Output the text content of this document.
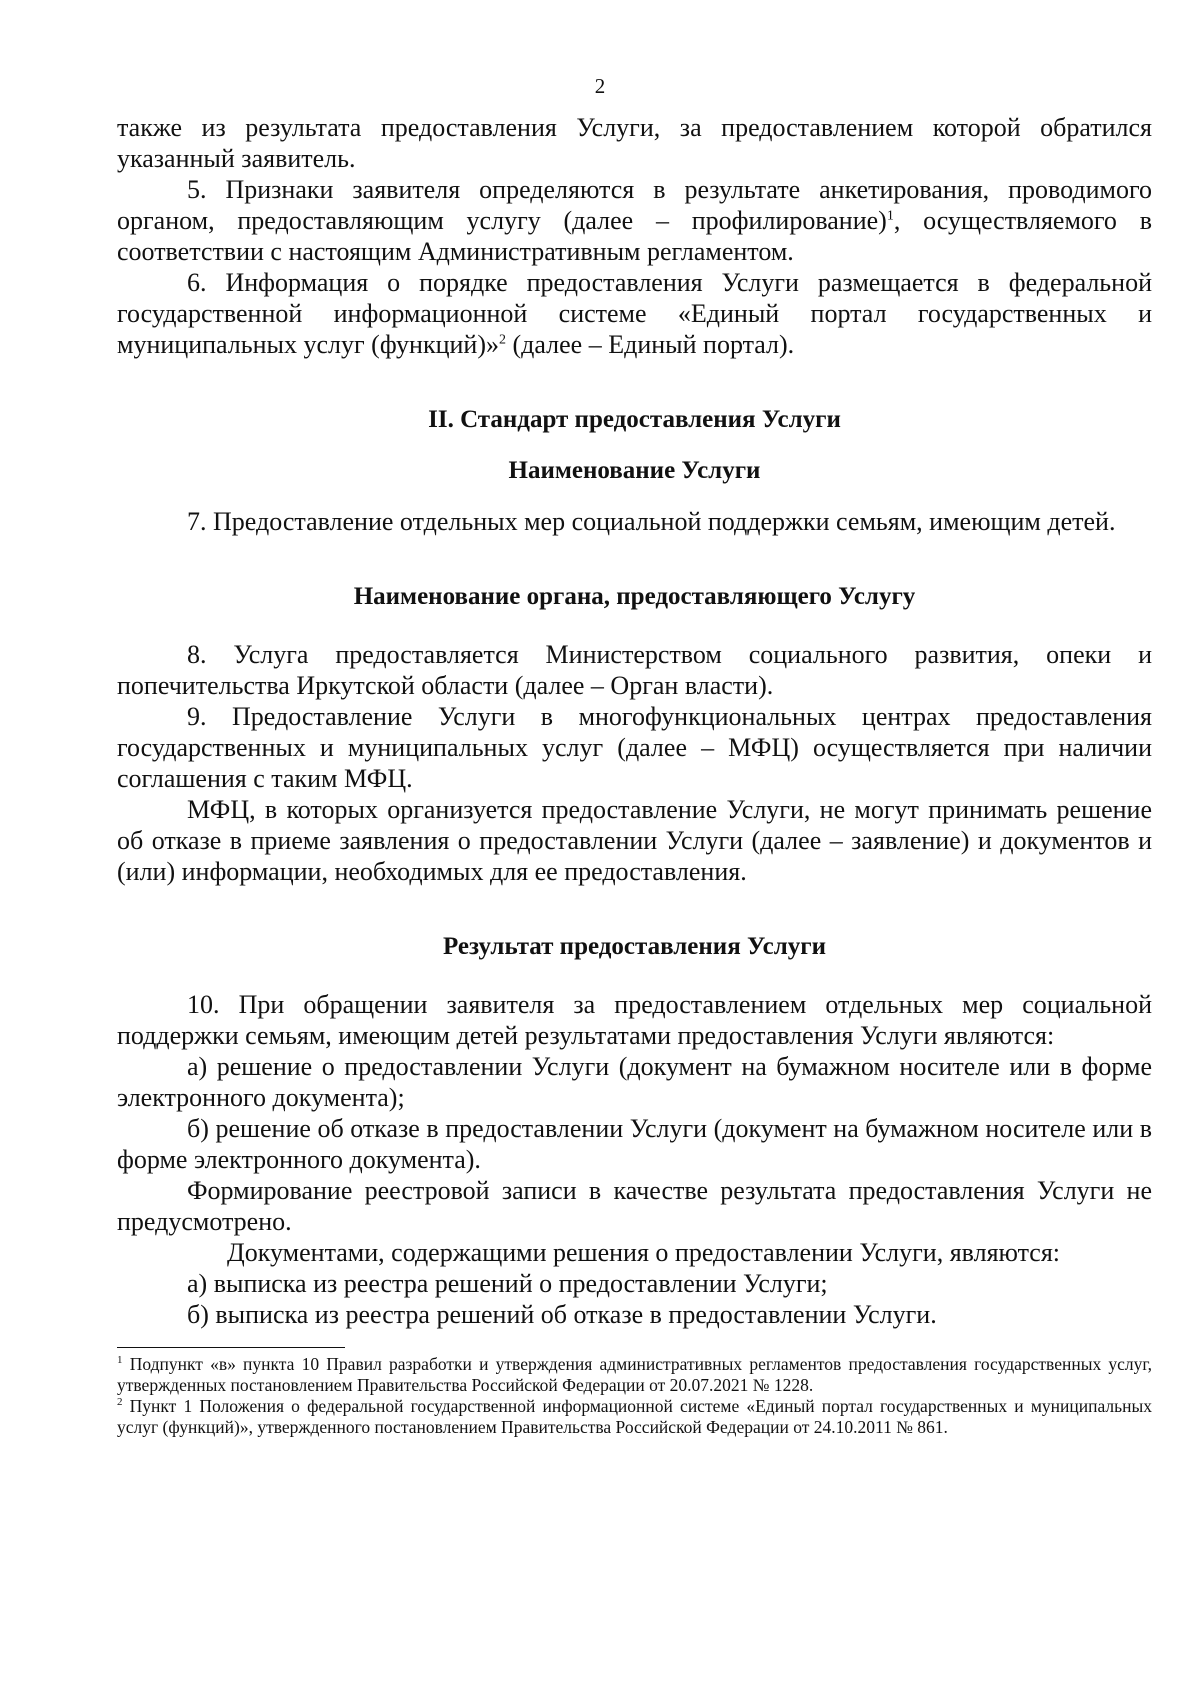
2

также из результата предоставления Услуги, за предоставлением которой обратился указанный заявитель.

5. Признаки заявителя определяются в результате анкетирования, проводимого органом, предоставляющим услугу (далее – профилирование)$^1$, осуществляемого в соответствии с настоящим Административным регламентом.

6. Информация о порядке предоставления Услуги размещается в федеральной государственной информационной системе «Единый портал государственных и муниципальных услуг (функций)»$^2$ (далее – Единый портал).

II. Стандарт предоставления Услуги
Наименование Услуги

7. Предоставление отдельных мер социальной поддержки семьям, имеющим детей.

Наименование органа, предоставляющего Услугу

8. Услуга предоставляется Министерством социального развития, опеки и попечительства Иркутской области (далее – Орган власти).

9. Предоставление Услуги в многофункциональных центрах предоставления государственных и муниципальных услуг (далее – МФЦ) осуществляется при наличии соглашения с таким МФЦ.

МФЦ, в которых организуется предоставление Услуги, не могут принимать решение об отказе в приеме заявления о предоставлении Услуги (далее – заявление) и документов и (или) информации, необходимых для ее предоставления.

Результат предоставления Услуги

10. При обращении заявителя за предоставлением отдельных мер социальной поддержки семьям, имеющим детей результатами предоставления Услуги являются:

а) решение о предоставлении Услуги (документ на бумажном носителе или в форме электронного документа);

б) решение об отказе в предоставлении Услуги (документ на бумажном носителе или в форме электронного документа).

Формирование реестровой записи в качестве результата предоставления Услуги не предусмотрено.

Документами, содержащими решения о предоставлении Услуги, являются:

а) выписка из реестра решений о предоставлении Услуги;

б) выписка из реестра решений об отказе в предоставлении Услуги.

$^1$ Подпункт «в» пункта 10 Правил разработки и утверждения административных регламентов предоставления государственных услуг, утвержденных постановлением Правительства Российской Федерации от 20.07.2021 № 1228.

$^2$ Пункт 1 Положения о федеральной государственной информационной системе «Единый портал государственных и муниципальных услуг (функций)», утвержденного постановлением Правительства Российской Федерации от 24.10.2011 № 861.
